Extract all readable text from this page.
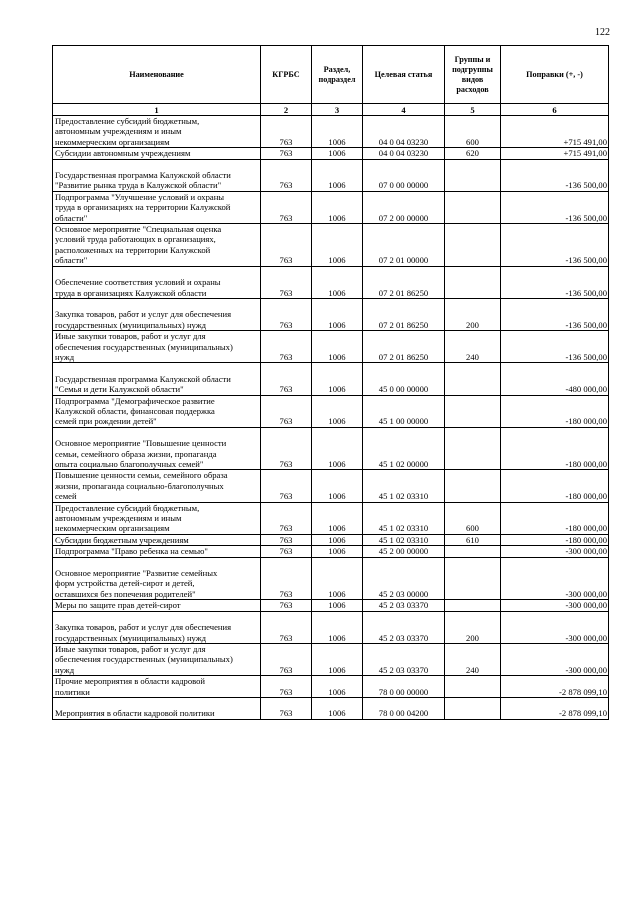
122
Наименование	КГРБС	Раздел, подраздел	Целевая статья	Группы и подгруппы видов расходов	Поправки (+, -)
1	2	3	4	5	6
Предоставление субсидий бюджетным,
автономным учреждениям и иным
некоммерческим организациям	763	1006	04 0 04 03230	600	+715 491,00
Субсидии автономным учреждениям	763	1006	04 0 04 03230	620	+715 491,00

Государственная программа Калужской области
"Развитие рынка труда в Калужской области"	763	1006	07 0 00 00000		-136 500,00
Подпрограмма "Улучшение условий и охраны
труда в организациях на территории Калужской
области"	763	1006	07 2 00 00000		-136 500,00
Основное мероприятие "Специальная оценка
условий труда работающих в организациях,
расположенных на территории Калужской
области"	763	1006	07 2 01 00000		-136 500,00

Обеспечение соответствия условий и охраны
труда в организациях Калужской области	763	1006	07 2 01 86250		-136 500,00

Закупка товаров, работ и услуг для обеспечения
государственных (муниципальных) нужд	763	1006	07 2 01 86250	200	-136 500,00
Иные закупки товаров, работ и услуг для
обеспечения государственных (муниципальных)
нужд	763	1006	07 2 01 86250	240	-136 500,00

Государственная программа Калужской области
"Семья и дети Калужской области"	763	1006	45 0 00 00000		-480 000,00
Подпрограмма "Демографическое развитие
Калужской области, финансовая поддержка
семей при рождении детей"	763	1006	45 1 00 00000		-180 000,00

Основное мероприятие "Повышение ценности
семьи, семейного образа жизни, пропаганда
опыта социально благополучных семей"	763	1006	45 1 02 00000		-180 000,00
Повышение ценности семьи, семейного образа
жизни, пропаганда социально-благополучных
семей	763	1006	45 1 02 03310		-180 000,00
Предоставление субсидий бюджетным,
автономным учреждениям и иным
некоммерческим организациям	763	1006	45 1 02 03310	600	-180 000,00
Субсидии бюджетным учреждениям	763	1006	45 1 02 03310	610	-180 000,00
Подпрограмма "Право ребенка на семью"	763	1006	45 2 00 00000		-300 000,00

Основное мероприятие "Развитие семейных
форм устройства детей-сирот и детей,
оставшихся без попечения родителей"	763	1006	45 2 03 00000		-300 000,00
Меры по защите прав детей-сирот	763	1006	45 2 03 03370		-300 000,00

Закупка товаров, работ и услуг для обеспечения
государственных (муниципальных) нужд	763	1006	45 2 03 03370	200	-300 000,00
Иные закупки товаров, работ и услуг для
обеспечения государственных (муниципальных)
нужд	763	1006	45 2 03 03370	240	-300 000,00
Прочие мероприятия в области кадровой
политики	763	1006	78 0 00 00000		-2 878 099,10

Мероприятия в области кадровой политики	763	1006	78 0 00 04200		-2 878 099,10
